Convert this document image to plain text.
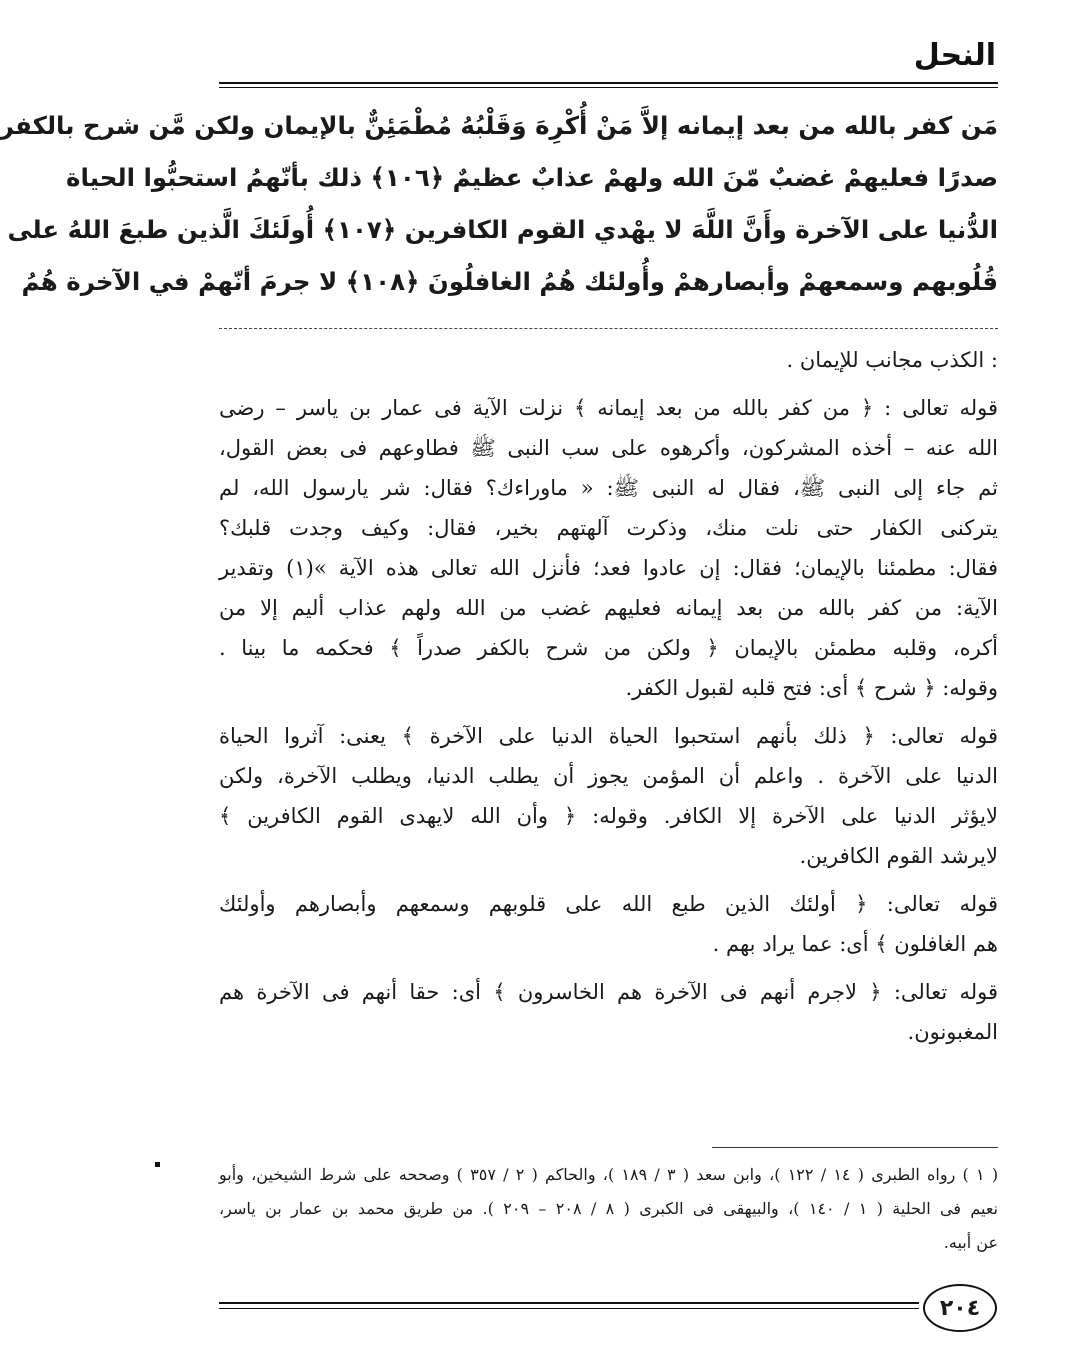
النحل
مَن كفر بالله من بعد إيمانه إلاَّ مَنْ أُكْرِهَ وَقَلْبُهُ مُطْمَئِنٌّ بالإيمان ولكن مَّن شرح بالكفر
صدرًا فعليهمْ غضبٌ مّنَ الله ولهمْ عذابٌ عظيمٌ ﴿١٠٦﴾ ذلك بأنّهمُ استحبُّوا الحياة
الدُّنيا على الآخرة وأَنَّ اللَّهَ لا يهْدي القوم الكافرين ﴿١٠٧﴾ أُولَئكَ الَّذين طبعَ اللهُ على
قُلُوبهم وسمعهمْ وأبصارهمْ وأُولئك هُمُ الغافلُونَ ﴿١٠٨﴾ لا جرمَ أنّهمْ في الآخرة هُمُ
: الكذب مجانب للإيمان .
قوله تعالى : ﴿ من كفر بالله من بعد إيمانه ﴾ نزلت الآية فى عمار بن ياسر – رضى
الله عنه – أخذه المشركون، وأكرهوه على سب النبى ﷺ فطاوعهم فى بعض القول،
ثم جاء إلى النبى ﷺ، فقال له النبى ﷺ: « ماوراءك؟ فقال: شر يارسول الله، لم
يتركنى الكفار حتى نلت منك، وذكرت آلهتهم بخير، فقال: وكيف وجدت قلبك؟
فقال: مطمئنا بالإيمان؛ فقال: إن عادوا فعد؛ فأنزل الله تعالى هذه الآية »(١) وتقدير
الآية: من كفر بالله من بعد إيمانه فعليهم غضب من الله ولهم عذاب أليم إلا من
أكره، وقلبه مطمئن بالإيمان ﴿ ولكن من شرح بالكفر صدراً ﴾ فحكمه ما بينا .
وقوله: ﴿ شرح ﴾ أى: فتح قلبه لقبول الكفر.
قوله تعالى: ﴿ ذلك بأنهم استحبوا الحياة الدنيا على الآخرة ﴾ يعنى: آثروا الحياة
الدنيا على الآخرة . واعلم أن المؤمن يجوز أن يطلب الدنيا، ويطلب الآخرة، ولكن
لايؤثر الدنيا على الآخرة إلا الكافر. وقوله: ﴿ وأن الله لايهدى القوم الكافرين ﴾
لايرشد القوم الكافرين.
قوله تعالى: ﴿ أولئك الذين طبع الله على قلوبهم وسمعهم وأبصارهم وأولئك
هم الغافلون ﴾ أى: عما يراد بهم .
قوله تعالى: ﴿ لاجرم أنهم فى الآخرة هم الخاسرون ﴾ أى: حقا أنهم فى الآخرة هم
المغبونون.
( ١ ) رواه الطبرى ( ١٤ / ١٢٢ )، وابن سعد ( ٣ / ١٨٩ )، والحاكم ( ٢ / ٣٥٧ ) وصححه على شرط الشيخين، وأبو
نعيم فى الحلية ( ١ / ١٤٠ )، والبيهقى فى الكبرى ( ٨ / ٢٠٨ – ٢٠٩ ). من طريق محمد بن عمار بن ياسر،
عن أبيه.
٢٠٤
